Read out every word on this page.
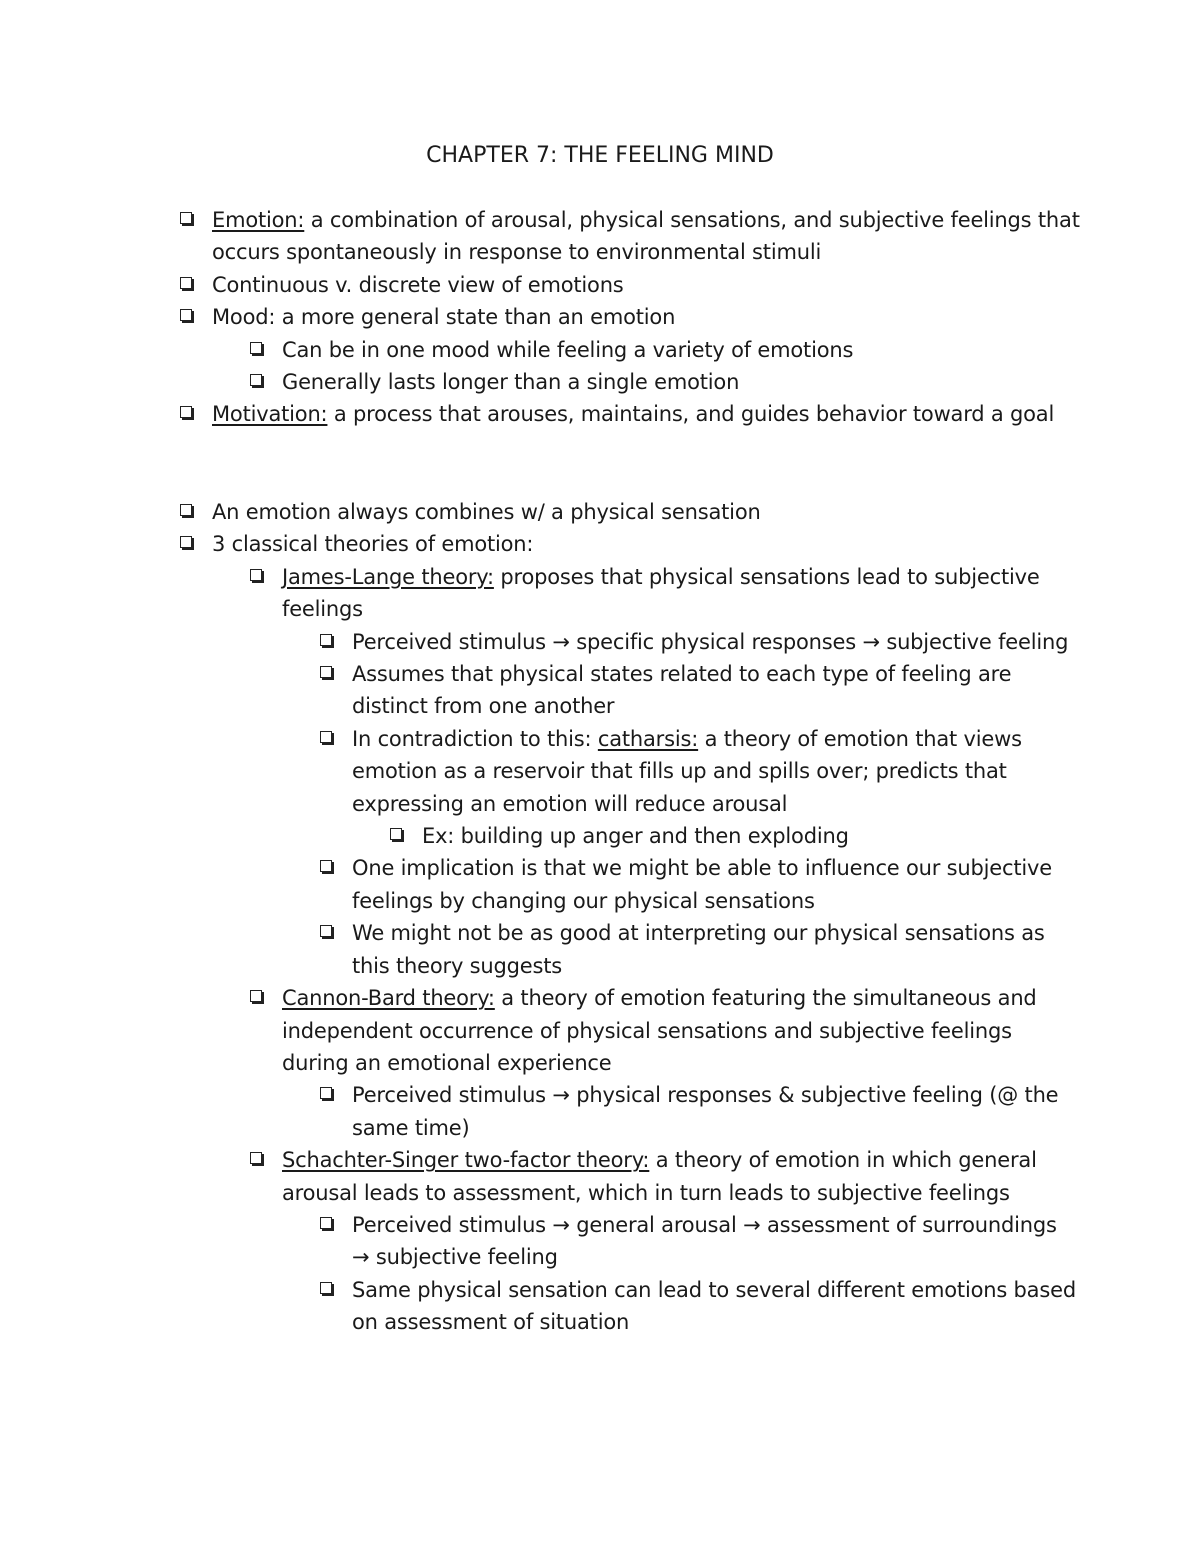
CHAPTER 7: THE FEELING MIND
Emotion: a combination of arousal, physical sensations, and subjective feelings that occurs spontaneously in response to environmental stimuli
Continuous v. discrete view of emotions
Mood: a more general state than an emotion
Can be in one mood while feeling a variety of emotions
Generally lasts longer than a single emotion
Motivation: a process that arouses, maintains, and guides behavior toward a goal
An emotion always combines w/ a physical sensation
3 classical theories of emotion:
James-Lange theory: proposes that physical sensations lead to subjective feelings
Perceived stimulus → specific physical responses → subjective feeling
Assumes that physical states related to each type of feeling are distinct from one another
In contradiction to this: catharsis: a theory of emotion that views emotion as a reservoir that fills up and spills over; predicts that expressing an emotion will reduce arousal
Ex: building up anger and then exploding
One implication is that we might be able to influence our subjective feelings by changing our physical sensations
We might not be as good at interpreting our physical sensations as this theory suggests
Cannon-Bard theory: a theory of emotion featuring the simultaneous and independent occurrence of physical sensations and subjective feelings during an emotional experience
Perceived stimulus → physical responses & subjective feeling (@ the same time)
Schachter-Singer two-factor theory: a theory of emotion in which general arousal leads to assessment, which in turn leads to subjective feelings
Perceived stimulus → general arousal → assessment of surroundings → subjective feeling
Same physical sensation can lead to several different emotions based on assessment of situation
